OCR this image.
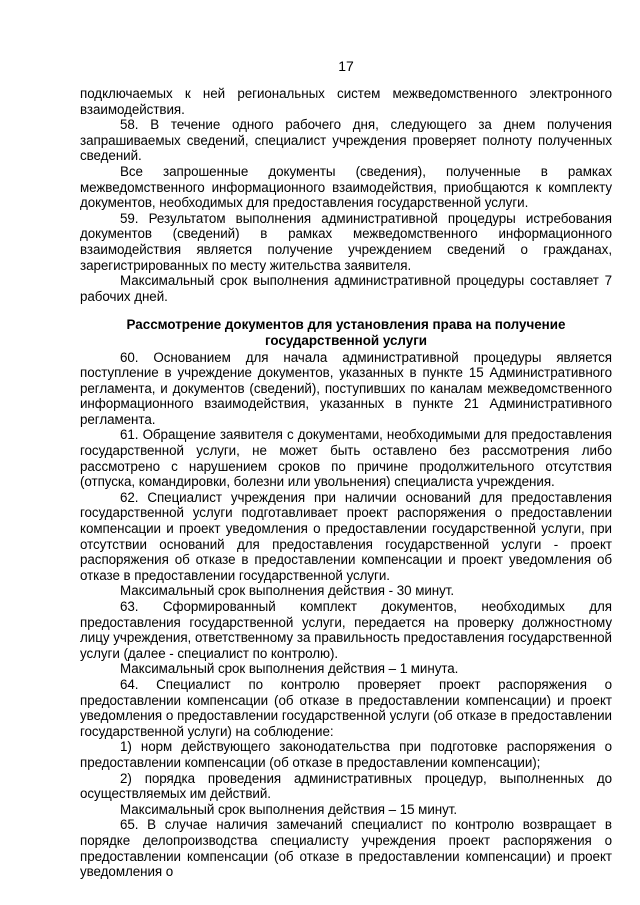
17

подключаемых к ней региональных систем межведомственного электронного взаимодействия.

58. В течение одного рабочего дня, следующего за днем получения запрашиваемых сведений, специалист учреждения проверяет полноту полученных сведений.

Все запрошенные документы (сведения), полученные в рамках межведомственного информационного взаимодействия, приобщаются к комплекту документов, необходимых для предоставления государственной услуги.

59. Результатом выполнения административной процедуры истребования документов (сведений) в рамках межведомственного информационного взаимодействия является получение учреждением сведений о гражданах, зарегистрированных по месту жительства заявителя.

Максимальный срок выполнения административной процедуры составляет 7 рабочих дней.

Рассмотрение документов для установления права на получение государственной услуги

60. Основанием для начала административной процедуры является поступление в учреждение документов, указанных в пункте 15 Административного регламента, и документов (сведений), поступивших по каналам межведомственного информационного взаимодействия, указанных в пункте 21 Административного регламента.

61. Обращение заявителя с документами, необходимыми для предоставления государственной услуги, не может быть оставлено без рассмотрения либо рассмотрено с нарушением сроков по причине продолжительного отсутствия (отпуска, командировки, болезни или увольнения) специалиста учреждения.

62. Специалист учреждения при наличии оснований для предоставления государственной услуги подготавливает проект распоряжения о предоставлении компенсации и проект уведомления о предоставлении государственной услуги, при отсутствии оснований для предоставления государственной услуги - проект распоряжения об отказе в предоставлении компенсации и проект уведомления об отказе в предоставлении государственной услуги.

Максимальный срок выполнения действия - 30 минут.

63. Сформированный комплект документов, необходимых для предоставления государственной услуги, передается на проверку должностному лицу учреждения, ответственному за правильность предоставления государственной услуги (далее - специалист по контролю).

Максимальный срок выполнения действия – 1 минута.

64. Специалист по контролю проверяет проект распоряжения о предоставлении компенсации (об отказе в предоставлении компенсации) и проект уведомления о предоставлении государственной услуги (об отказе в предоставлении государственной услуги) на соблюдение:

1) норм действующего законодательства при подготовке распоряжения о предоставлении компенсации (об отказе в предоставлении компенсации);

2) порядка проведения административных процедур, выполненных до осуществляемых им действий.

Максимальный срок выполнения действия – 15 минут.

65. В случае наличия замечаний специалист по контролю возвращает в порядке делопроизводства специалисту учреждения проект распоряжения о предоставлении компенсации (об отказе в предоставлении компенсации) и проект уведомления о
